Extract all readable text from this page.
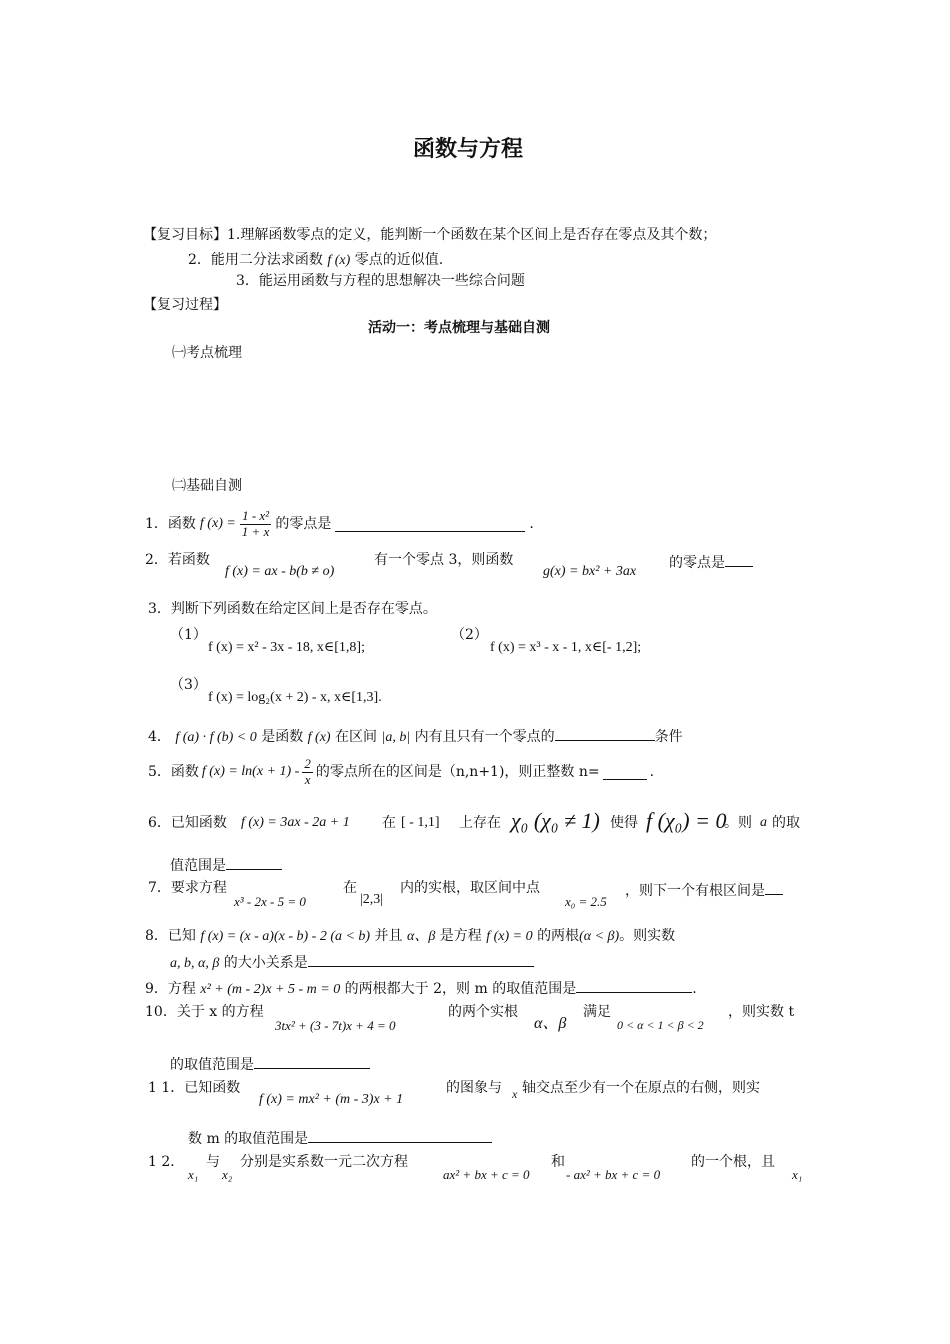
函数与方程
【复习目标】1.理解函数零点的定义，能判断一个函数在某个区间上是否存在零点及其个数；
2．能用二分法求函数 f (x) 零点的近似值.
3．能运用函数与方程的思想解决一些综合问题
【复习过程】
活动一：考点梳理与基础自测
㈠考点梳理
㈡基础自测
1．函数 f $(x) = \frac{\text{1 - x²}}{1 + x}$ 的零点是	.
2．若函数
f (x) = ax - b(b ≠ o)
有一个零点 3，则函数
g(x) = bx² + 3ax
的零点是
3．判断下列函数在给定区间上是否存在零点。
（1）
f (x) = x² - 3x - 18, x∈[1,8];
（2）
f (x) = x³ - x - 1, x∈[- 1,2];
（3）
f (x) = log₂(x + 2) - x, x∈[1,3].
4． f (a) · f (b) < 0 是函数 f (x) 在区间 |a, b| 内有且只有一个零点的	条件
5．函数 f $(x) = \ln(x + 1) - \frac{2}{x}$ 的零点所在的区间是（n,n+1)，则正整数 n=	.
6．已知函数 f (x) = 3ax - 2a + 1 在 [ - 1,1] 上存在 χ₀ (χ₀ ≠ 1) 使得 f (χ₀) = 0
。则 a 的取
值范围是
7．要求方程
x³ - 2x - 5 = 0
在
|2,3|
内的实根，取区间中点
x₀ = 2.5
，则下一个有根区间是
8．已知 f (x) = (x - a)(x - b) - 2 (a < b) 并且 α、β 是方程 f (x) = 0 的两根(α < β)。则实数
a, b, α, β 的大小关系是
9．方程 x² + (m - 2)x + 5 - m = 0 的两根都大于 2，则 m 的取值范围是	.
10．关于 x 的方程
3tx² + (3 - 7t)x + 4 = 0
的两个实根
α、β
满足
0 < α < 1 < β < 2
，则实数 t
的取值范围是
1 1．已知函数
f (x) = mx² + (m - 3)x + 1
的图象与 x 轴交点至少有一个在原点的右侧，则实
数 m 的取值范围是
1 2．
x₁
与
x₂
分别是实系数一元二次方程
ax² + bx + c = 0
和
- ax² + bx + c = 0
的一个根，且
x₁
